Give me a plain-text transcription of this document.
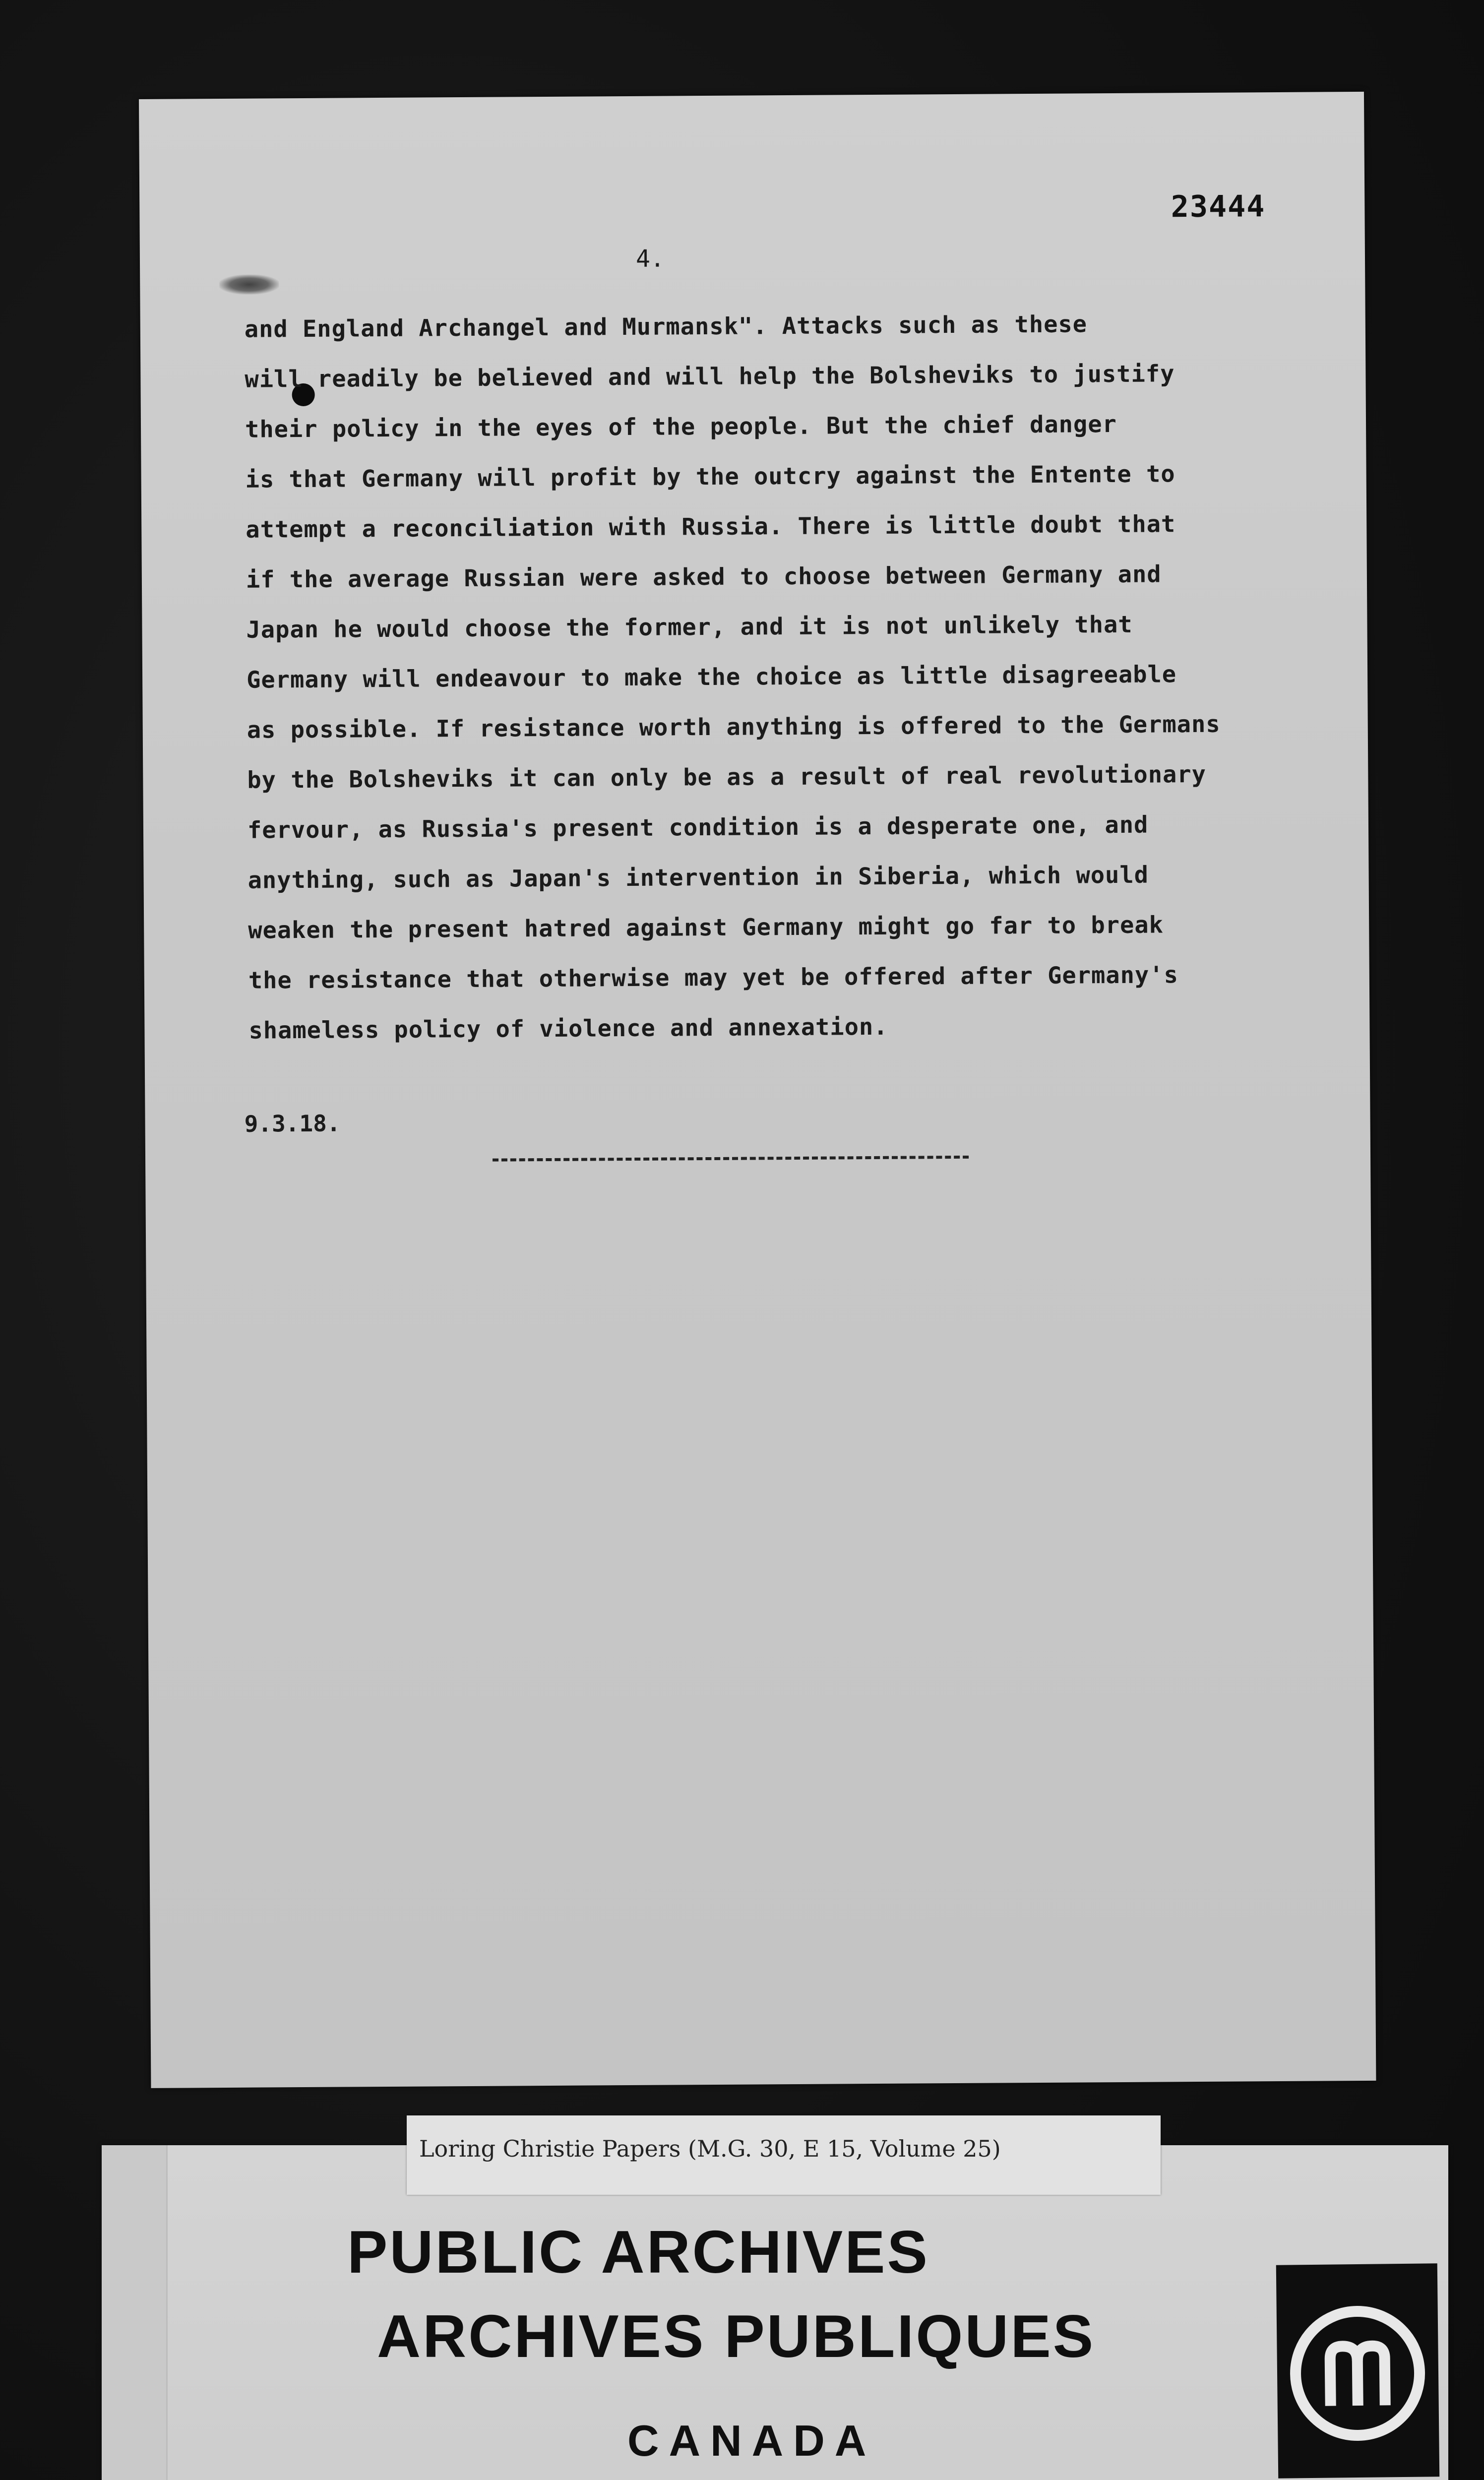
23444
4.
and England Archangel and Murmansk". Attacks such as these
will readily be believed and will help the Bolsheviks to justify
their policy in the eyes of the people. But the chief danger
is that Germany will profit by the outcry against the Entente to
attempt a reconciliation with Russia. There is little doubt that
if the average Russian were asked to choose between Germany and
Japan he would choose the former, and it is not unlikely that
Germany will endeavour to make the choice as little disagreeable
as possible. If resistance worth anything is offered to the Germans
by the Bolsheviks it can only be as a result of real revolutionary
fervour, as Russia's present condition is a desperate one, and
anything, such as Japan's intervention in Siberia, which would
weaken the present hatred against Germany might go far to break
the resistance that otherwise may yet be offered after Germany's
shameless policy of violence and annexation.
9.3.18.
Loring Christie Papers (M.G. 30, E 15, Volume 25)
PUBLIC ARCHIVES
ARCHIVES PUBLIQUES
CANADA
